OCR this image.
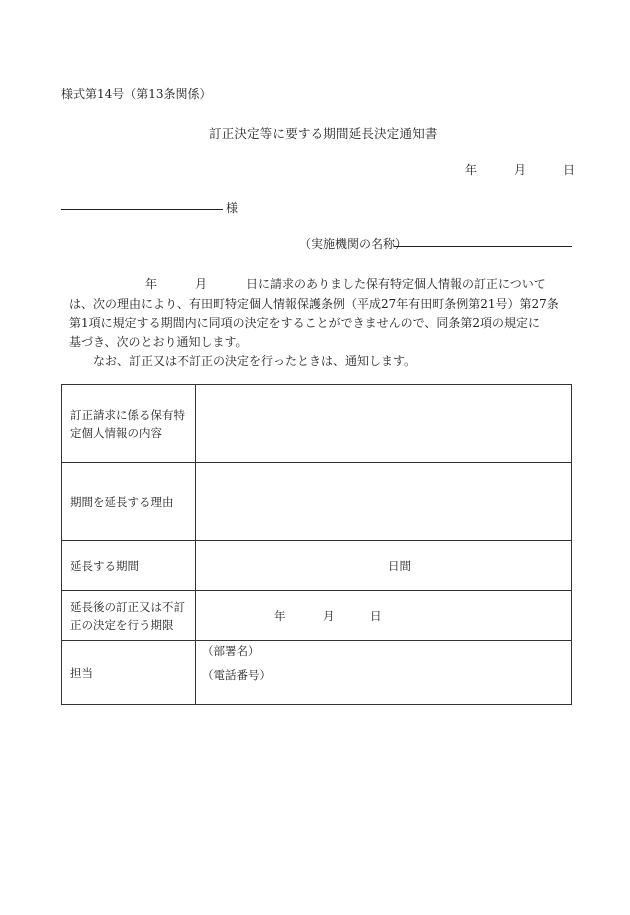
様式第14号（第13条関係）
訂正決定等に要する期間延長決定通知書
年	月	日
様
（実施機関の名称）
年	月	日に請求のありました保有特定個人情報の訂正について
は、次の理由により、有田町特定個人情報保護条例（平成27年有田町条例第21号）第27条
第1項に規定する期間内に同項の決定をすることができませんので、同条第2項の規定に
基づき、次のとおり通知します。
なお、訂正又は不訂正の決定を行ったときは、通知します。
訂正請求に係る保有特
定個人情報の内容	

期間を延長する理由	
延長する期間	日間

延長後の訂正又は不訂
正の決定を行う期限	年 月 日
担当	（部署名）
（電話番号）
